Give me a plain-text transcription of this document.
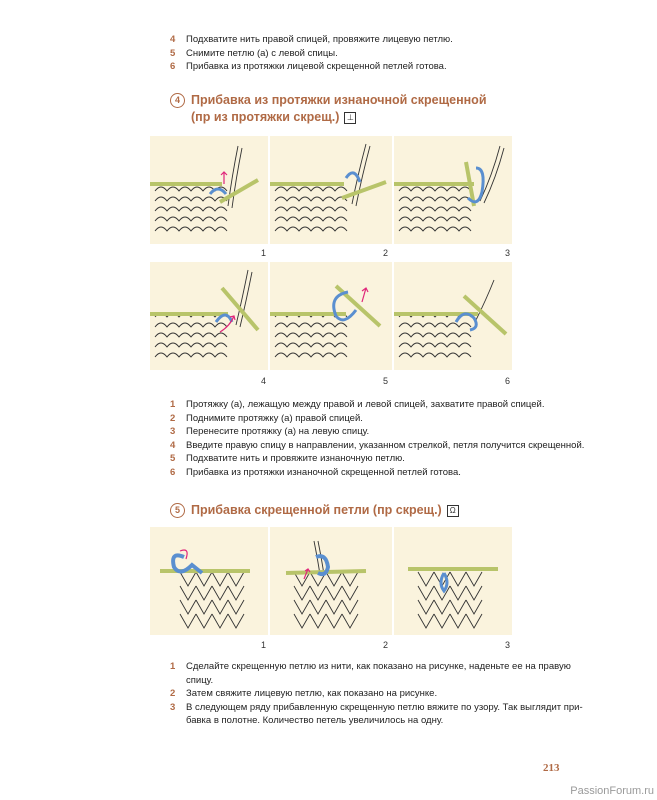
4	Подхватите нить правой спицей, провяжите лицевую петлю.
5	Снимите петлю (а) с левой спицы.
6	Прибавка из протяжки лицевой скрещенной петлей готова.
4 Прибавка из протяжки изнаночной скрещенной
(пр из протяжки скрещ.) ⊥
1	2	3
4	5	6
1	Протяжку (а), лежащую между правой и левой спицей, захватите правой спицей.
2	Поднимите протяжку (а) правой спицей.
3	Перенесите протяжку (а) на левую спицу.
4	Введите правую спицу в направлении, указанном стрелкой, петля получится скрещенной.
5	Подхватите нить и провяжите изнаночную петлю.
6	Прибавка из протяжки изнаночной скрещенной петлей готова.
5 Прибавка скрещенной петли (пр скрещ.) Ω
1	2	3
1	Сделайте скрещенную петлю из нити, как показано на рисунке, наденьте ее на правую
спицу.
2	Затем свяжите лицевую петлю, как показано на рисунке.
3	В следующем ряду прибавленную скрещенную петлю вяжите по узору. Так выглядит при-
бавка в полотне. Количество петель увеличилось на одну.
213
PassionForum.ru
